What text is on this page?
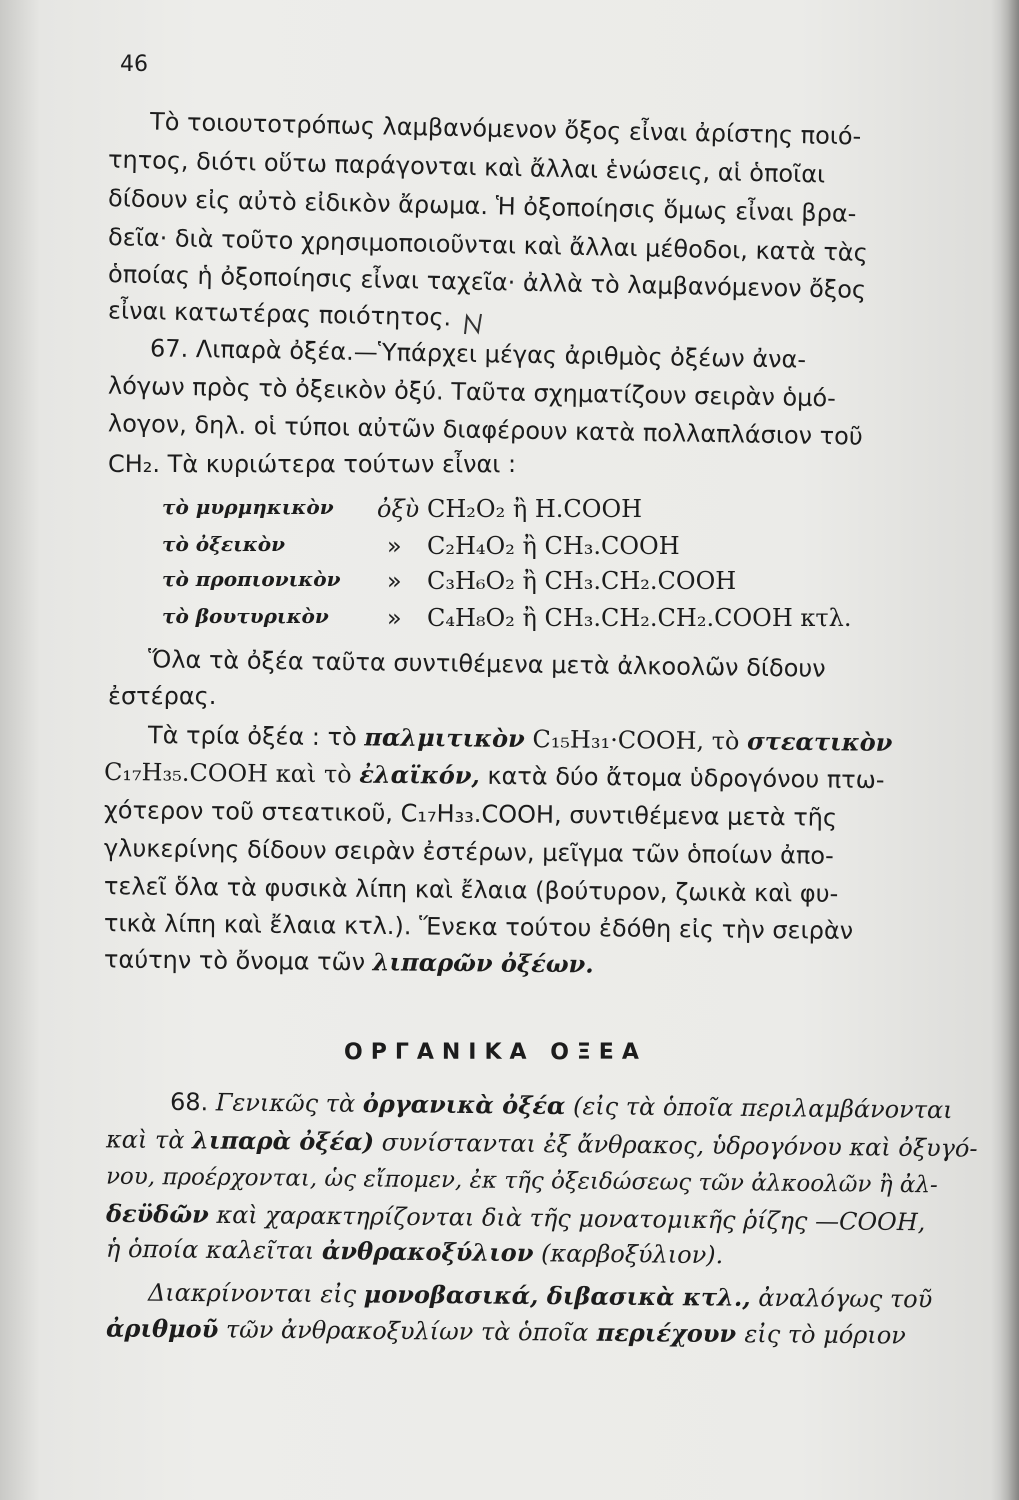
46
Τὸ τοιουτοτρόπως λαμβανόμενον ὄξος εἶναι ἀρίστης ποιό-
τητος, διότι οὕτω παράγονται καὶ ἄλλαι ἑνώσεις, αἱ ὁποῖαι
δίδουν εἰς αὐτὸ εἰδικὸν ἄρωμα. Ἡ ὀξοποίησις ὅμως εἶναι βρα-
δεῖα· διὰ τοῦτο χρησιμοποιοῦνται καὶ ἄλλαι μέθοδοι, κατὰ τὰς
ὁποίας ἡ ὀξοποίησις εἶναι ταχεῖα· ἀλλὰ τὸ λαμβανόμενον ὄξος
εἶναι κατωτέρας ποιότητος.
67. Λιπαρὰ ὀξέα.—Ὑπάρχει μέγας ἀριθμὸς ὀξέων ἀνα-
λόγων πρὸς τὸ ὀξεικὸν ὀξύ. Ταῦτα σχηματίζουν σειρὰν ὁμό-
λογον, δηλ. οἱ τύποι αὐτῶν διαφέρουν κατὰ πολλαπλάσιον τοῦ
CH₂. Τὰ κυριώτερα τούτων εἶναι :
τὸ μυρμηκικὸν ὀξὺ CH₂O₂ ἢ H.COOH
τὸ ὀξεικὸν	» C₂H₄O₂ ἢ CH₃.COOH
τὸ προπιονικὸν » C₃H₆O₂ ἢ CH₃.CH₂.COOH
τὸ βουτυρικὸν » C₄H₈O₂ ἢ CH₃.CH₂.CH₂.COOH κτλ.
Ὅλα τὰ ὀξέα ταῦτα συντιθέμενα μετὰ ἀλκοολῶν δίδουν
ἐστέρας.
Τὰ τρία ὀξέα : τὸ παλμιτικὸν C₁₅H₃₁·COOH, τὸ στεατικὸν
C₁₇H₃₅.COOH καὶ τὸ ἐλαϊκόν, κατὰ δύο ἄτομα ὑδρογόνου πτω-
χότερον τοῦ στεατικοῦ, C₁₇H₃₃.COOH, συντιθέμενα μετὰ τῆς
γλυκερίνης δίδουν σειρὰν ἐστέρων, μεῖγμα τῶν ὁποίων ἀπο-
τελεῖ ὅλα τὰ φυσικὰ λίπη καὶ ἔλαια (βούτυρον, ζωικὰ καὶ φυ-
τικὰ λίπη καὶ ἔλαια κτλ.). Ἕνεκα τούτου ἐδόθη εἰς τὴν σειρὰν
ταύτην τὸ ὄνομα τῶν λιπαρῶν ὀξέων.
ΟΡΓΑΝΙΚΑ ΟΞΕΑ
68. Γενικῶς τὰ ὀργανικὰ ὀξέα (εἰς τὰ ὁποῖα περιλαμβάνονται
καὶ τὰ λιπαρὰ ὀξέα) συνίστανται ἐξ ἄνθρακος, ὑδρογόνου καὶ ὀξυγό-
νου, προέρχονται, ὡς εἴπομεν, ἐκ τῆς ὀξειδώσεως τῶν ἀλκοολῶν ἢ ἀλ-
δεϋδῶν καὶ χαρακτηρίζονται διὰ τῆς μονατομικῆς ῥίζης —COOH,
ἡ ὁποία καλεῖται ἀνθρακοξύλιον (καρβοξύλιον).
Διακρίνονται εἰς μονοβασικά, διβασικὰ κτλ., ἀναλόγως τοῦ
ἀριθμοῦ τῶν ἀνθρακοξυλίων τὰ ὁποῖα περιέχουν εἰς τὸ μόριον
